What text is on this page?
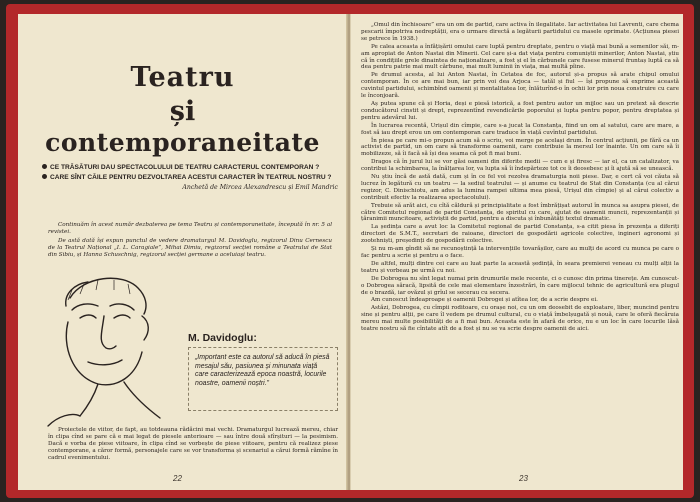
Teatru
și
contemporaneitate
CE TRĂSĂTURI DAU SPECTACOLULUI DE TEATRU CARACTERUL CONTEMPORAN ?
CARE SÎNT CĂILE PENTRU DEZVOLTAREA ACESTUI CARACTER ÎN TEATRUL NOSTRU ?
Anchetă de Mircea Alexandrescu și Emil Mandric

Continuăm în acest număr dezbaterea pe tema Teatru și contemporaneitate, începută în nr. 5 al revistei.

De astă dată își expun punctul de vedere dramaturgul M. Davidoglu, regizorul Dinu Cernescu de la Teatrul Național „I. L. Caragiale”, Mihai Dimiu, regizorul secției române a Teatrului de Stat din Sibiu, și Hanna Schuschnig, regizorul secției germane a aceluiași teatru.

M. Davidoglu:
„Important este ca autorul să aducă în piesă mesajul său, pasiunea și minunata viață care caracterizează epoca noastră, locurile noastre, oamenii noștri.”

Proiectele de viitor, de fapt, au totdeauna rădăcini mai vechi. Dramaturgul lucrează mereu, chiar în clipa cînd se pare că e mai legat de piesele anterioare — sau între două sfîrșituri — la pesimism. Dacă e vorba de piese viitoare, în clipa cînd se vorbește de piese viitoare, pentru că realizez piese contemporane, a căror formă, personajele care se vor transforma și scenariul a cărui formă rămîne în cadrul evenimentului.

22

„Omul din închisoare” era un om de partid, care activa în ilegalitate. Iar activitatea lui Lavrenti, care chema pescarii împotriva nedreptății, era o urmare directă a legăturii partidului cu masele oprimate. (Acțiunea piesei se petrece în 1938.)

Pe calea aceasta a înfățișării omului care luptă pentru dreptate, pentru o viață mai bună a semenilor săi, m-am apropiat de Anton Nastai din Minerii. Cel care și-a dat viața pentru comuniștii minerilor, Anton Nastai, știu că în condițiile grele dinaintea de naționalizare, a fost și el în cărbunele care fusese minerul fruntaș luptă ca să dea pentru patrie mai mult cărbune, mai mult luminii în viața, mai multă pîine.

Pe drumul acesta, al lui Anton Nastai, în Cetatea de foc, autorul și-a propus să arate chipul omului contemporan. În ce are mai bun, iar prin voi dea Arjoca — tatăl și fiul — își propune să exprime această cuvintul partidului, schimbînd oamenii și mentalitatea lor, înlăturînd-o în ochii lor prin noua construire cu care le înconjoară.

Aș putea spune că și Horia, deși e piesă istorică, a fost pentru autor un mijloc sau un pretext să descrie conducătorul cinstit și drept, reprezentînd revendicările poporului și lupta pentru popor, pentru dreptatea și pentru adevărul lui.

În lucrarea recentă, Urișul din cîmpie, care s-a jucat la Constanța, fiind un om al satului, care are mare, a fost să iau drept erou un om contemporan care traduce în viață cuvîntul partidului.

În piesa pe care mi-o propun acum să o scriu, voi merge pe același drum. În centrul acțiunii, pe fără ca un activist de partid, un om care să transforme oamenii, care contribuie la mersul lor înainte. Un om care să îi mobilizeze, să îi facă să își dea seama că pot fi mai buni.

Dragos că în jurul lui se vor găsi oameni din diferite medii — cum e și firesc — iar el, ca un catalizator, va contribui la schimbarea, la înălțarea lor, va lupta să îi îndepărteze tot ce îi deosebesc și îi ajută să se unească.

Nu știu încă de astă dată, cum și în ce fel voi rezolva dramaturgia noii piese. Dar, e cert că voi căuta să lucrez în legătură cu un teatru — la sediul teatrului — și anume cu teatrul de Stat din Constanța (cu al cărui regizor, C. Dinischiotu, am adus la lumina rampei ultima mea piesă, Urișul din cîmpie) și al cărui colectiv a contribuit efectiv la realizarea spectacolului).

Trebuie să arăt aici, cu cîtă căldură și principialitate a fost îmbrățișat autorul în munca sa asupra piesei, de către Comitetul regional de partid Constanța, de spiritul cu care, ajutat de oamenii muncii, reprezentanții și țăranimii muncitoare, activiștii de partid, pentru a discuta și înbunătăți textul dramatic.

La ședința care a avut loc la Comitetul regional de partid Constanța, s-a citit piesa în prezența a diferiți directori de S.M.T., secretari de raioane, directori de gospodării agricole colective, ingineri agronomi și zootehniști, președinți de gospodării colective.

Și nu m-am gîndit să ne recunoștință la intervențiile tovarășilor, care au mulți de acord cu munca pe care o fac pentru a scrie și pentru a o face.

De altfel, mulți dintre cei care au luat parte la această ședință, în seara premierei veneau cu mulți alții la teatru și vorbeau pe urmă cu noi.

De Dobrogea nu sînt legat numai prin drumurile mele recente, ci o cunosc din prima tinerețe. Am cunoscut-o Dobrogea săracă, lipsită de cele mai elementare înzestrări, în care mijlocul tehnic de agricultură era plugul de o brazdă, iar ovăzul și grîul se secerau cu secera.

Am cunoscut îndeaproape și oamenii Dobrogei și atîtea lor, de a scrie despre ei.

Astăzi, Dobrogea, cu cîmpii roditoare, cu orașe noi, cu un om deosebit de exploatare, liber, muncind pentru sine și pentru alții, pe care îl vedem pe drumul cultural, cu o viață îmbelșugată și nouă, care le oferă fiecăruia mereu mai multe posibilități de a fi mai bun. Aceasta este în afară de orice, nu e un loc în care locurile lăsă teatre nostru să fie cîntate atît de a fost și nu se va scrie despre oamenii de aici.

23
